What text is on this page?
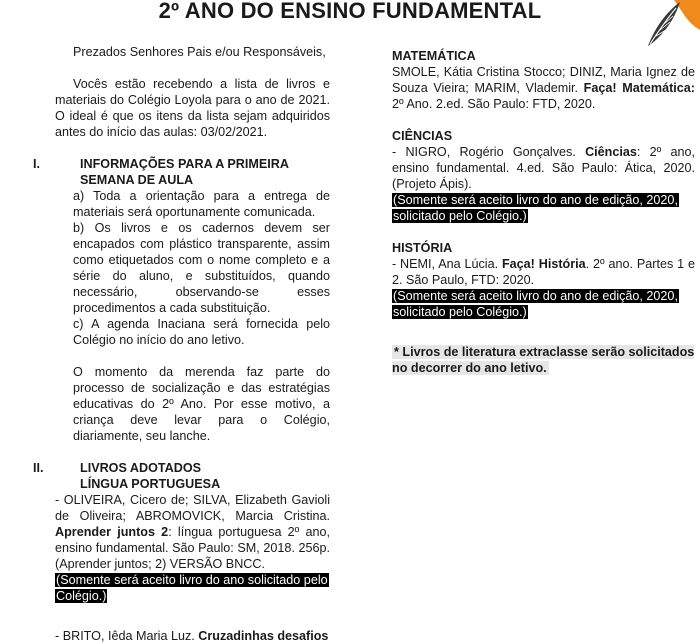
2º ANO DO ENSINO FUNDAMENTAL

Prezados Senhores Pais e/ou Responsáveis,

Vocês estão recebendo a lista de livros e materiais do Colégio Loyola para o ano de 2021. O ideal é que os itens da lista sejam adquiridos antes do início das aulas: 03/02/2021.

I.	INFORMAÇÕES PARA A PRIMEIRA SEMANA DE AULA

a) Toda a orientação para a entrega de materiais será oportunamente comunicada.

b) Os livros e os cadernos devem ser encapados com plástico transparente, assim como etiquetados com o nome completo e a série do aluno, e substituídos, quando necessário, observando-se esses procedimentos a cada substituição.

c) A agenda Inaciana será fornecida pelo Colégio no início do ano letivo.

O momento da merenda faz parte do processo de socialização e das estratégias educativas do 2º Ano. Por esse motivo, a criança deve levar para o Colégio, diariamente, seu lanche.

II.	LIVROS ADOTADOS
LÍNGUA PORTUGUESA

- OLIVEIRA, Cicero de; SILVA, Elizabeth Gavioli de Oliveira; ABROMOVICK, Marcia Cristina. Aprender juntos 2: língua portuguesa 2º ano, ensino fundamental. São Paulo: SM, 2018. 256p. (Aprender juntos; 2) VERSÃO BNCC.

(Somente será aceito livro do ano solicitado pelo Colégio.)

- BRITO, Iêda Maria Luz. Cruzadinhas desafios

MATEMÁTICA

SMOLE, Kátia Cristina Stocco; DINIZ, Maria Ignez de Souza Vieira; MARIM, Vlademir. Faça! Matemática: 2º Ano. 2.ed. São Paulo: FTD, 2020.

CIÊNCIAS

- NIGRO, Rogério Gonçalves. Ciências: 2º ano, ensino fundamental. 4.ed. São Paulo: Ática, 2020. (Projeto Ápis).

(Somente será aceito livro do ano de edição, 2020, solicitado pelo Colégio.)

HISTÓRIA

- NEMI, Ana Lúcia. Faça! História. 2º ano. Partes 1 e 2. São Paulo, FTD: 2020.

(Somente será aceito livro do ano de edição, 2020, solicitado pelo Colégio.)

* Livros de literatura extraclasse serão solicitados no decorrer do ano letivo.
